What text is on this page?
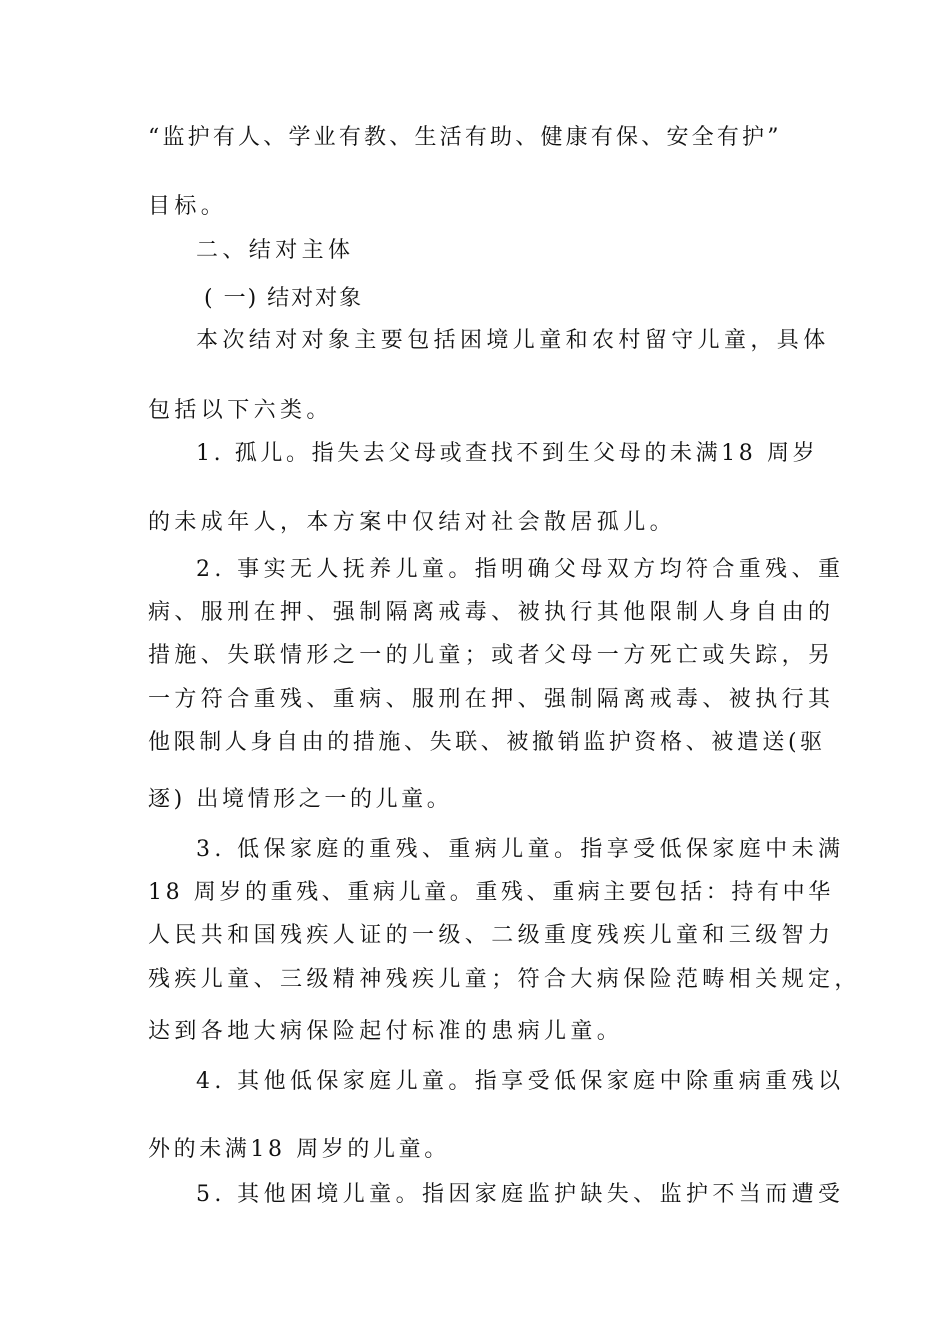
“监护有人、学业有教、生活有助、健康有保、安全有护”
目标。
二、结对主体
( 一) 结对对象
本次结对对象主要包括困境儿童和农村留守儿童，具体
包括以下六类。
1. 孤儿。指失去父母或查找不到生父母的未满18 周岁
的未成年人，本方案中仅结对社会散居孤儿。
2. 事实无人抚养儿童。指明确父母双方均符合重残、重
病、服刑在押、强制隔离戒毒、被执行其他限制人身自由的
措施、失联情形之一的儿童；或者父母一方死亡或失踪，另
一方符合重残、重病、服刑在押、强制隔离戒毒、被执行其
他限制人身自由的措施、失联、被撤销监护资格、被遣送(驱
逐) 出境情形之一的儿童。
3. 低保家庭的重残、重病儿童。指享受低保家庭中未满
18 周岁的重残、重病儿童。重残、重病主要包括：持有中华
人民共和国残疾人证的一级、二级重度残疾儿童和三级智力
残疾儿童、三级精神残疾儿童；符合大病保险范畴相关规定，
达到各地大病保险起付标准的患病儿童。
4. 其他低保家庭儿童。指享受低保家庭中除重病重残以
外的未满18 周岁的儿童。
5. 其他困境儿童。指因家庭监护缺失、监护不当而遭受
